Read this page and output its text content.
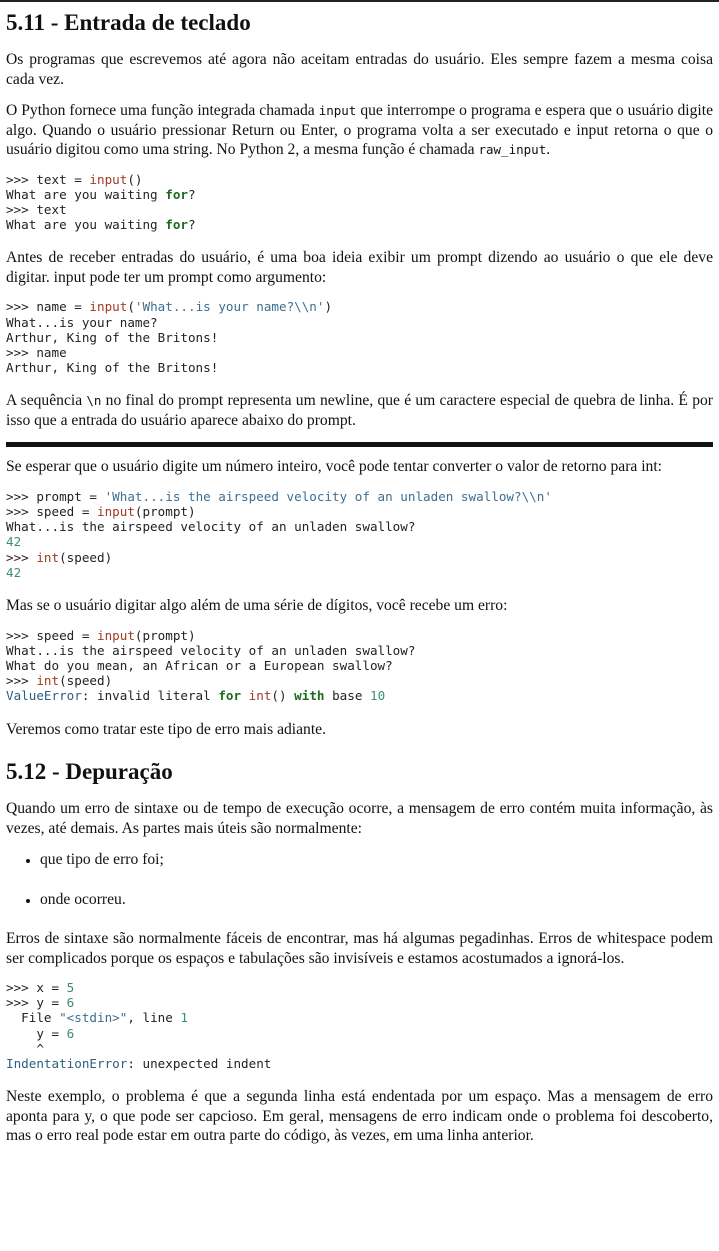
5.11 - Entrada de teclado

Os programas que escrevemos até agora não aceitam entradas do usuário. Eles sempre fazem a mesma coisa cada vez.

O Python fornece uma função integrada chamada input que interrompe o programa e espera que o usuário digite algo. Quando o usuário pressionar Return ou Enter, o programa volta a ser executado e input retorna o que o usuário digitou como uma string. No Python 2, a mesma função é chamada raw_input.

>>> text = input()
What are you waiting for?
>>> text
What are you waiting for?

Antes de receber entradas do usuário, é uma boa ideia exibir um prompt dizendo ao usuário o que ele deve digitar. input pode ter um prompt como argumento:

>>> name = input('What...is your name?\\n')
What...is your name?
Arthur, King of the Britons!
>>> name
Arthur, King of the Britons!

A sequência \n no final do prompt representa um newline, que é um caractere especial de quebra de linha. É por isso que a entrada do usuário aparece abaixo do prompt.

Se esperar que o usuário digite um número inteiro, você pode tentar converter o valor de retorno para int:

>>> prompt = 'What...is the airspeed velocity of an unladen swallow?\\n'
>>> speed = input(prompt)
What...is the airspeed velocity of an unladen swallow?
42
>>> int(speed)
42

Mas se o usuário digitar algo além de uma série de dígitos, você recebe um erro:

>>> speed = input(prompt)
What...is the airspeed velocity of an unladen swallow?
What do you mean, an African or a European swallow?
>>> int(speed)
ValueError: invalid literal for int() with base 10

Veremos como tratar este tipo de erro mais adiante.

5.12 - Depuração

Quando um erro de sintaxe ou de tempo de execução ocorre, a mensagem de erro contém muita informação, às vezes, até demais. As partes mais úteis são normalmente:

• que tipo de erro foi;
• onde ocorreu.

Erros de sintaxe são normalmente fáceis de encontrar, mas há algumas pegadinhas. Erros de whitespace podem ser complicados porque os espaços e tabulações são invisíveis e estamos acostumados a ignorá-los.

>>> x = 5
>>> y = 6
File "<stdin>", line 1
y = 6
^
IndentationError: unexpected indent

Neste exemplo, o problema é que a segunda linha está endentada por um espaço. Mas a mensagem de erro aponta para y, o que pode ser capcioso. Em geral, mensagens de erro indicam onde o problema foi descoberto, mas o erro real pode estar em outra parte do código, às vezes, em uma linha anterior.
